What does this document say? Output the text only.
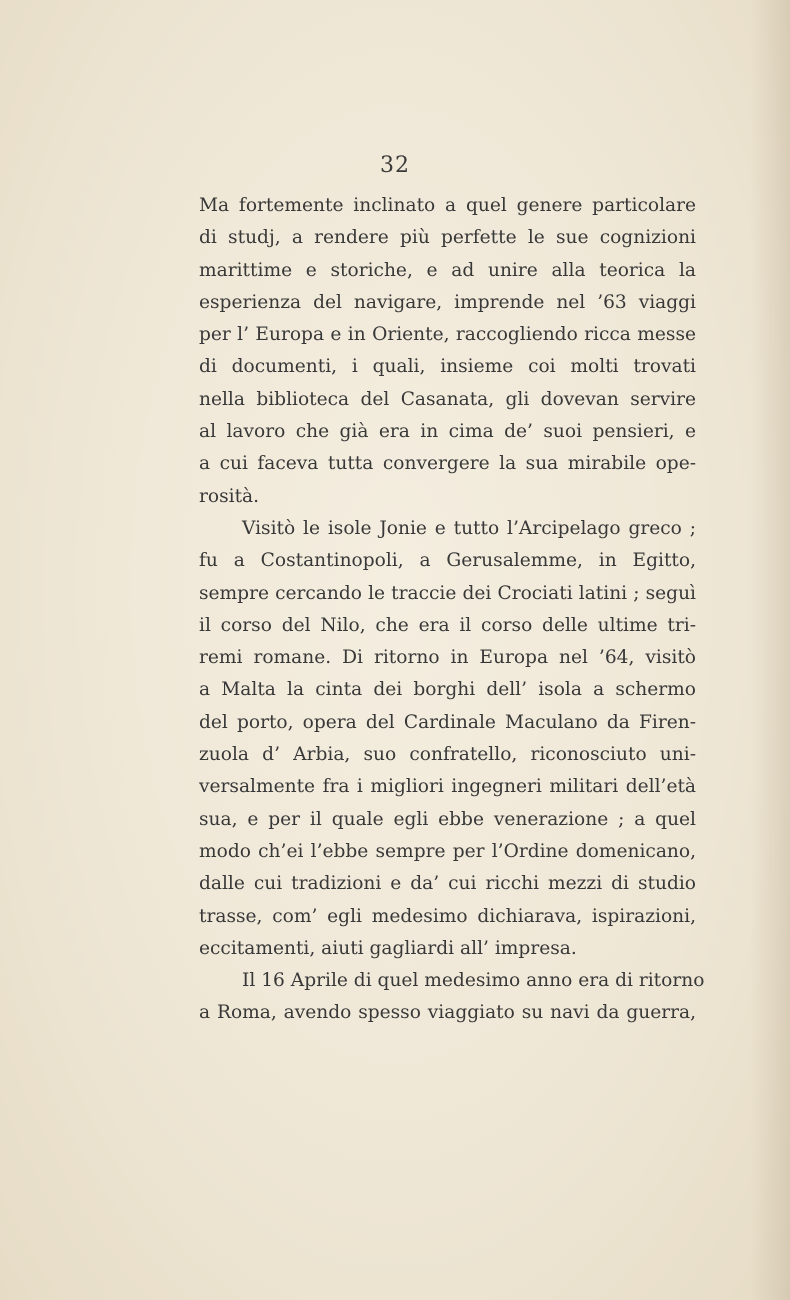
32
Ma fortemente inclinato a quel genere particolare
di studj, a rendere più perfette le sue cognizioni
marittime e storiche, e ad unire alla teorica la
esperienza del navigare, imprende nel ’63 viaggi
per l’ Europa e in Oriente, raccogliendo ricca messe
di documenti, i quali, insieme coi molti trovati
nella biblioteca del Casanata, gli dovevan servire
al lavoro che già era in cima de’ suoi pensieri, e
a cui faceva tutta convergere la sua mirabile ope-
rosità.
Visitò le isole Jonie e tutto l’Arcipelago greco ;
fu a Costantinopoli, a Gerusalemme, in Egitto,
sempre cercando le traccie dei Crociati latini ; seguì
il corso del Nilo, che era il corso delle ultime tri-
remi romane. Di ritorno in Europa nel ’64, visitò
a Malta la cinta dei borghi dell’ isola a schermo
del porto, opera del Cardinale Maculano da Firen-
zuola d’ Arbia, suo confratello, riconosciuto uni-
versalmente fra i migliori ingegneri militari dell’età
sua, e per il quale egli ebbe venerazione ; a quel
modo ch’ei l’ebbe sempre per l’Ordine domenicano,
dalle cui tradizioni e da’ cui ricchi mezzi di studio
trasse, com’ egli medesimo dichiarava, ispirazioni,
eccitamenti, aiuti gagliardi all’ impresa.
Il 16 Aprile di quel medesimo anno era di ritorno
a Roma, avendo spesso viaggiato su navi da guerra,
